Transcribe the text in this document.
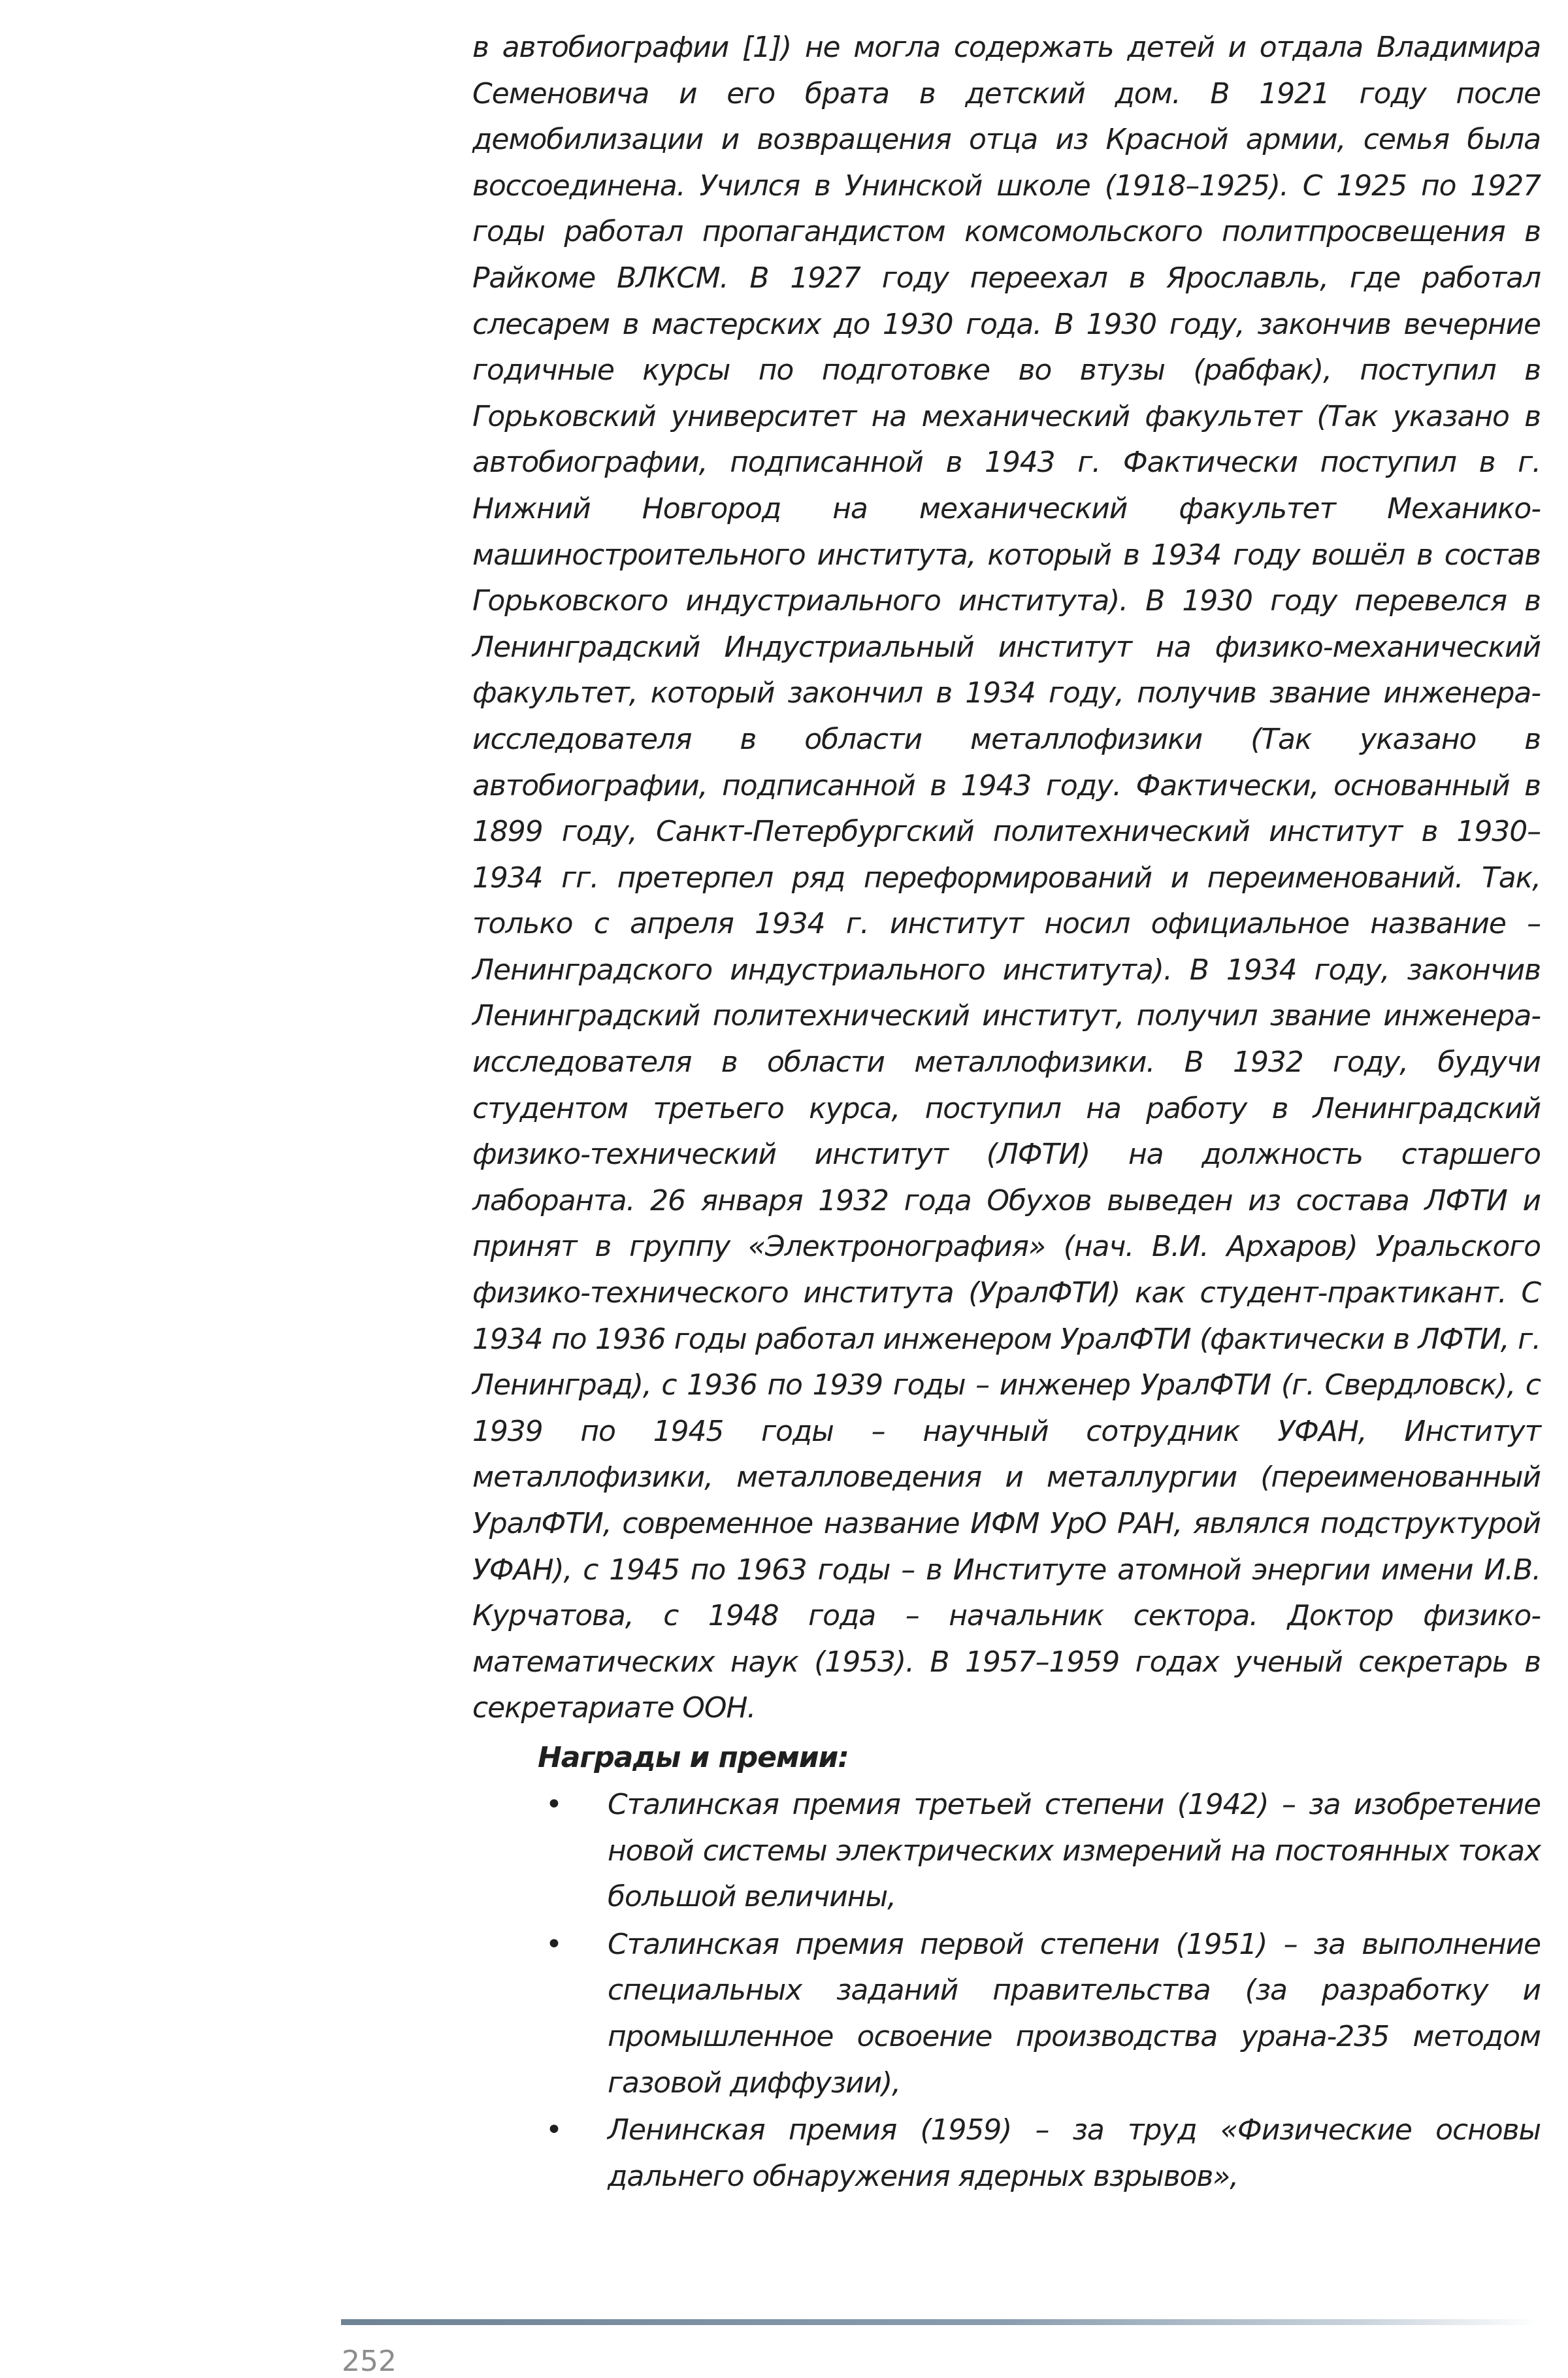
в автобиографии [1]) не могла содержать детей и отдала Владимира Семеновича и его брата в детский дом. В 1921 году после демобилизации и возвращения отца из Красной армии, семья была воссоединена. Учился в Унинской школе (1918–1925). С 1925 по 1927 годы работал пропагандистом комсомольского политпросвещения в Райкоме ВЛКСМ. В 1927 году переехал в Ярославль, где работал слесарем в мастерских до 1930 года. В 1930 году, закончив вечерние годичные курсы по подготовке во втузы (рабфак), поступил в Горьковский университет на механический факультет (Так указано в автобиографии, подписанной в 1943 г. Фактически поступил в г. Нижний Новгород на механический факультет Механико-машиностроительного института, который в 1934 году вошёл в состав Горьковского индустриального института). В 1930 году перевелся в Ленинградский Индустриальный институт на физико-механический факультет, который закончил в 1934 году, получив звание инженера-исследователя в области металлофизики (Так указано в автобиографии, подписанной в 1943 году. Фактически, основанный в 1899 году, Санкт-Петербургский политехнический институт в 1930–1934 гг. претерпел ряд переформирований и переименований. Так, только с апреля 1934 г. институт носил официальное название – Ленинградского индустриального института). В 1934 году, закончив Ленинградский политехнический институт, получил звание инженера-исследователя в области металлофизики. В 1932 году, будучи студентом третьего курса, поступил на работу в Ленинградский физико-технический институт (ЛФТИ) на должность старшего лаборанта. 26 января 1932 года Обухов выведен из состава ЛФТИ и принят в группу «Электронография» (нач. В.И. Архаров) Уральского физико-технического института (УралФТИ) как студент-практикант. С 1934 по 1936 годы работал инженером УралФТИ (фактически в ЛФТИ, г. Ленинград), с 1936 по 1939 годы – инженер УралФТИ (г. Свердловск), с 1939 по 1945 годы – научный сотрудник УФАН, Институт металлофизики, металловедения и металлургии (переименованный УралФТИ, современное название ИФМ УрО РАН, являлся подструктурой УФАН), с 1945 по 1963 годы – в Институте атомной энергии имени И.В. Курчатова, с 1948 года – начальник сектора. Доктор физико-математических наук (1953). В 1957–1959 годах ученый секретарь в секретариате ООН.

Награды и премии:

• Сталинская премия третьей степени (1942) – за изобретение новой системы электрических измерений на постоянных токах большой величины,
• Сталинская премия первой степени (1951) – за выполнение специальных заданий правительства (за разработку и промышленное освоение производства урана-235 методом газовой диффузии),
• Ленинская премия (1959) – за труд «Физические основы дальнего обнаружения ядерных взрывов»,

252
